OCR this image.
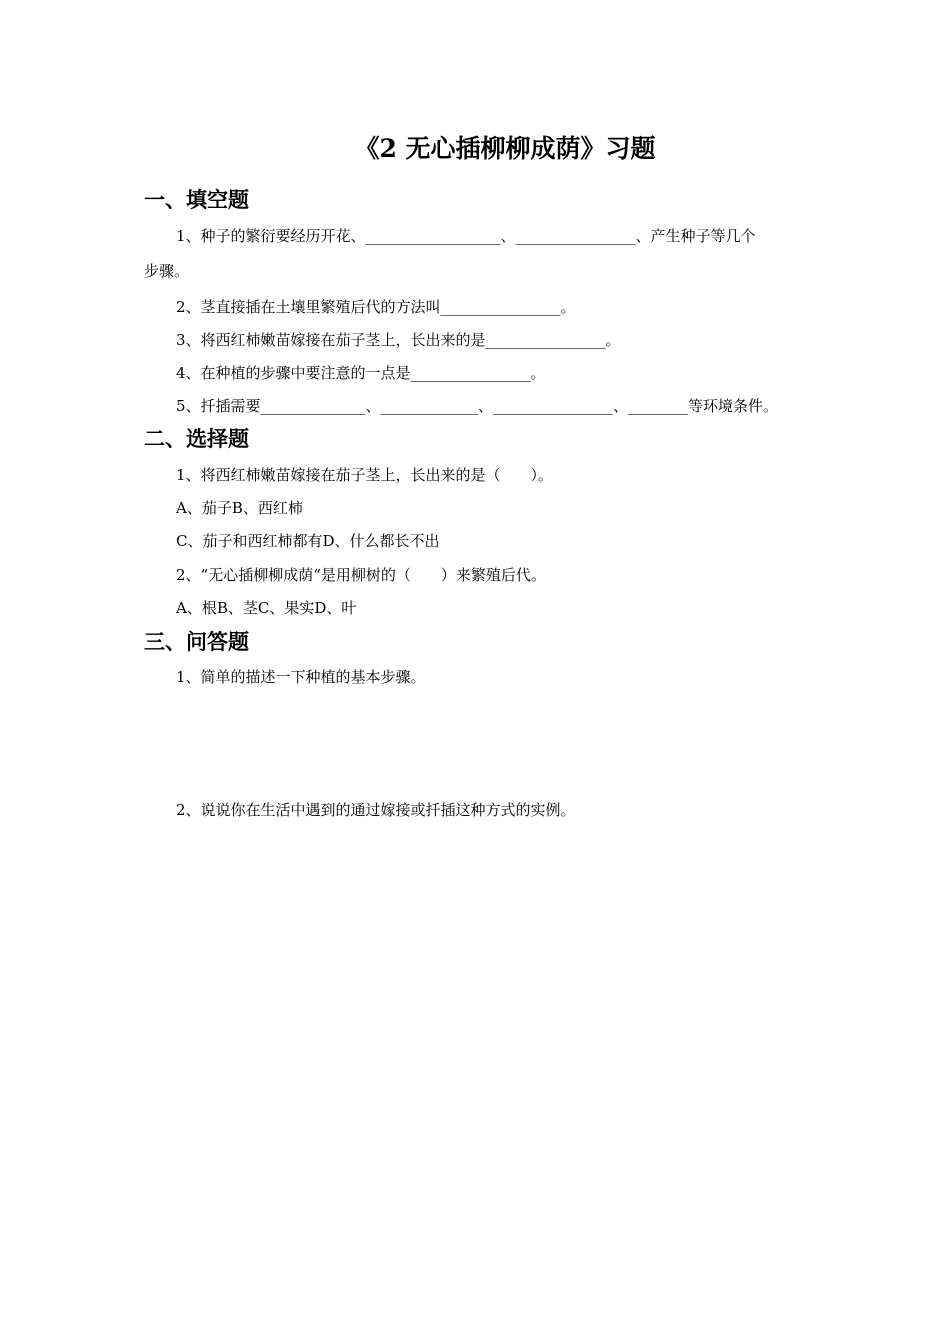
《2 无心插柳柳成荫》习题
一、填空题
1、种子的繁衍要经历开花、__________________、________________、产生种子等几个
步骤。
2、茎直接插在土壤里繁殖后代的方法叫________________。
3、将西红柿嫩苗嫁接在茄子茎上，长出来的是________________。
4、在种植的步骤中要注意的一点是________________。
5、扦插需要______________、_____________、________________、________等环境条件。
二、选择题
1、将西红柿嫩苗嫁接在茄子茎上，长出来的是（　　）。
A、茄子B、西红柿
C、茄子和西红柿都有D、什么都长不出
2、“无心插柳柳成荫“是用柳树的（　　）来繁殖后代。
A、根B、茎C、果实D、叶
三、问答题
1、简单的描述一下种植的基本步骤。
2、说说你在生活中遇到的通过嫁接或扦插这种方式的实例。
